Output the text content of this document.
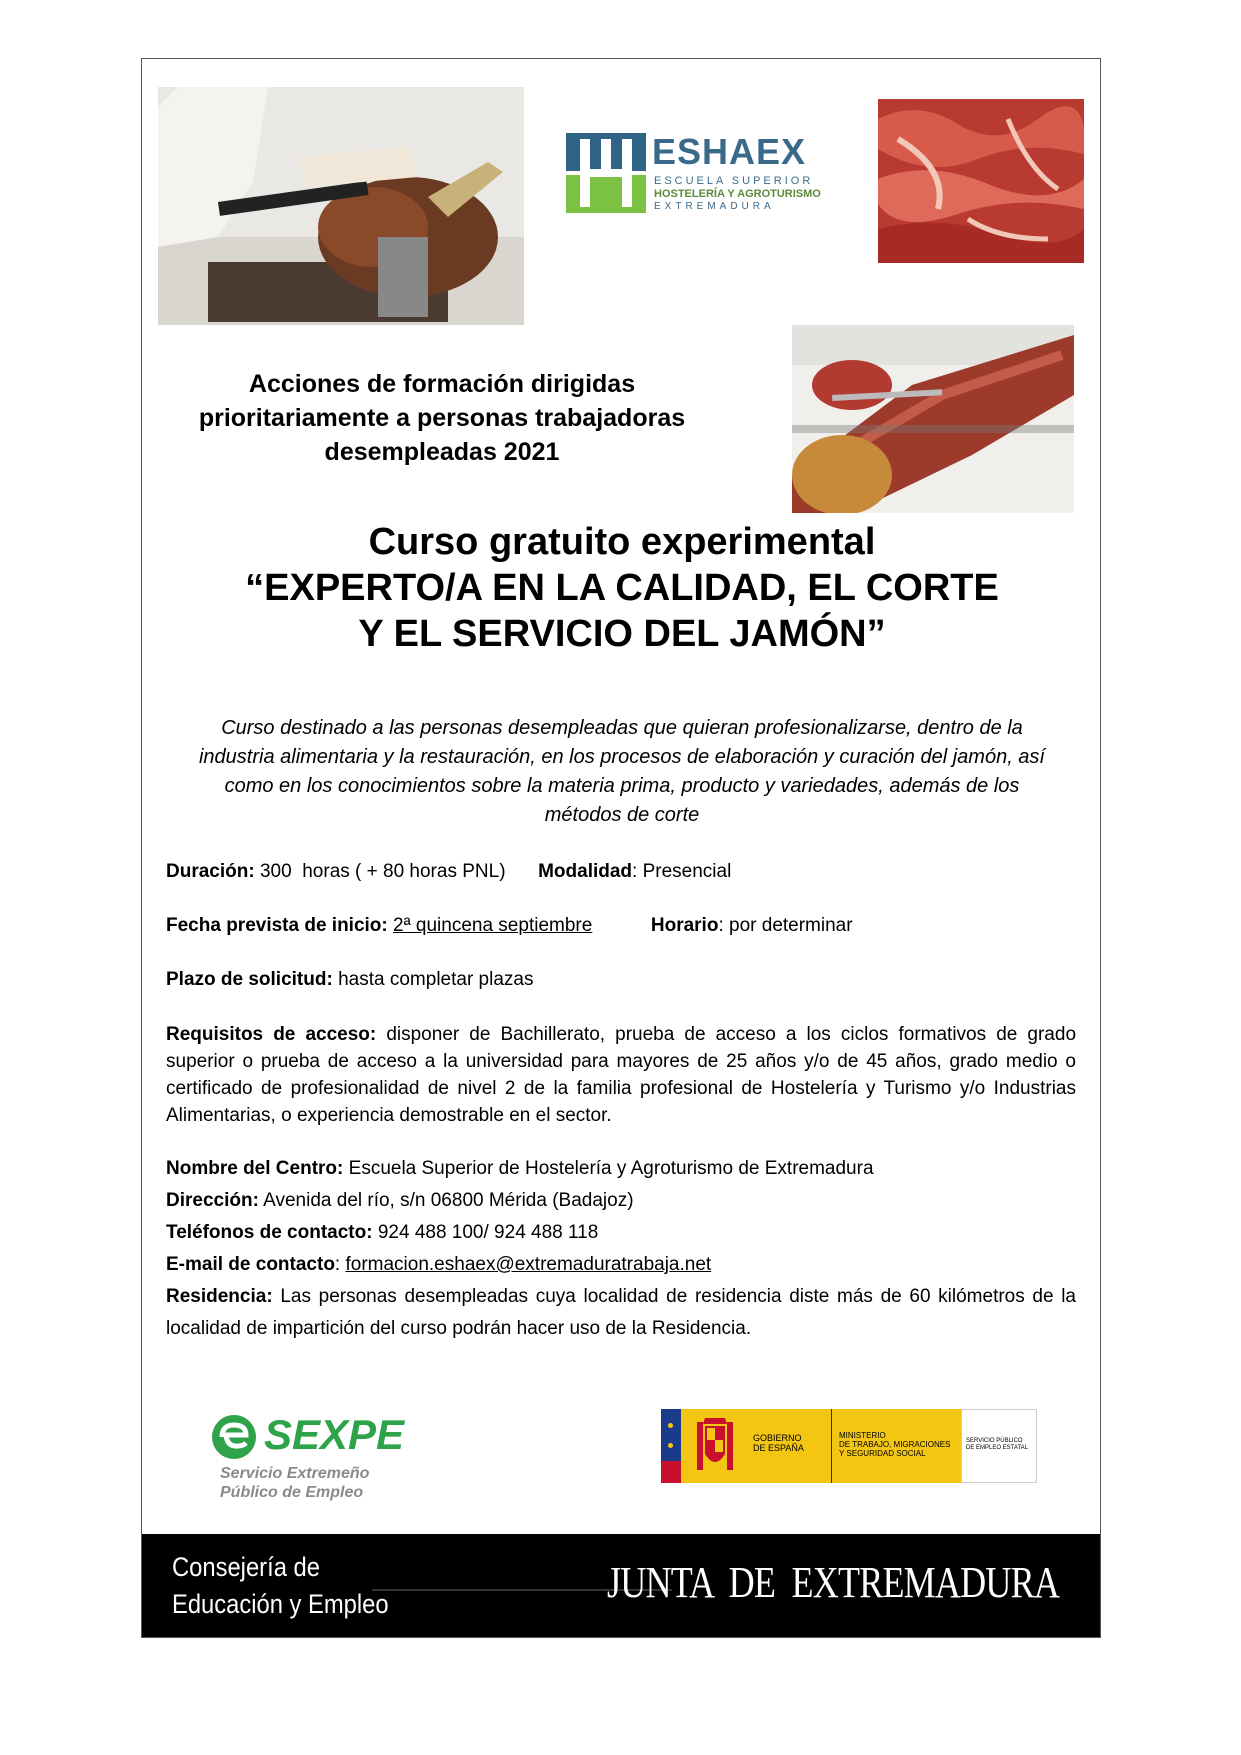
ESHAEX
ESCUELA SUPERIOR
HOSTELERÍA Y AGROTURISMO
EXTREMADURA
Acciones de formación dirigidas
prioritariamente a personas trabajadoras
desempleadas 2021
Curso gratuito experimental
“EXPERTO/A EN LA CALIDAD, EL CORTE
Y EL SERVICIO DEL JAMÓN”
Curso destinado a las personas desempleadas que quieran profesionalizarse, dentro de la
industria alimentaria y la restauración, en los procesos de elaboración y curación del jamón, así
como en los conocimientos sobre la materia prima, producto y variedades, además de los
métodos de corte
Duración: 300  horas ( + 80 horas PNL) Modalidad: Presencial
Fecha prevista de inicio: 2ª quincena septiembre	Horario: por determinar
Plazo de solicitud: hasta completar plazas
Requisitos de acceso: disponer de Bachillerato, prueba de acceso a los ciclos formativos de grado superior o prueba de acceso a la universidad para mayores de 25 años y/o de 45 años, grado medio o certificado de profesionalidad de nivel 2 de la familia profesional de Hostelería y Turismo y/o Industrias Alimentarias, o experiencia demostrable en el sector.
Nombre del Centro: Escuela Superior de Hostelería y Agroturismo de Extremadura
Dirección: Avenida del río, s/n 06800 Mérida (Badajoz)
Teléfonos de contacto: 924 488 100/ 924 488 118
E-mail de contacto: formacion.eshaex@extremaduratrabaja.net
Residencia: Las personas desempleadas cuya localidad de residencia diste más de 60 kilómetros de la localidad de impartición del curso podrán hacer uso de la Residencia.
SEXPE
Servicio Extremeño
Público de Empleo
GOBIERNO
DE ESPAÑA
MINISTERIO
DE TRABAJO, MIGRACIONES
Y SEGURIDAD SOCIAL
SERVICIO PÚBLICO
DE EMPLEO ESTATAL
Consejería de
Educación y Empleo	JUNTA  DE  EXTREMADURA
